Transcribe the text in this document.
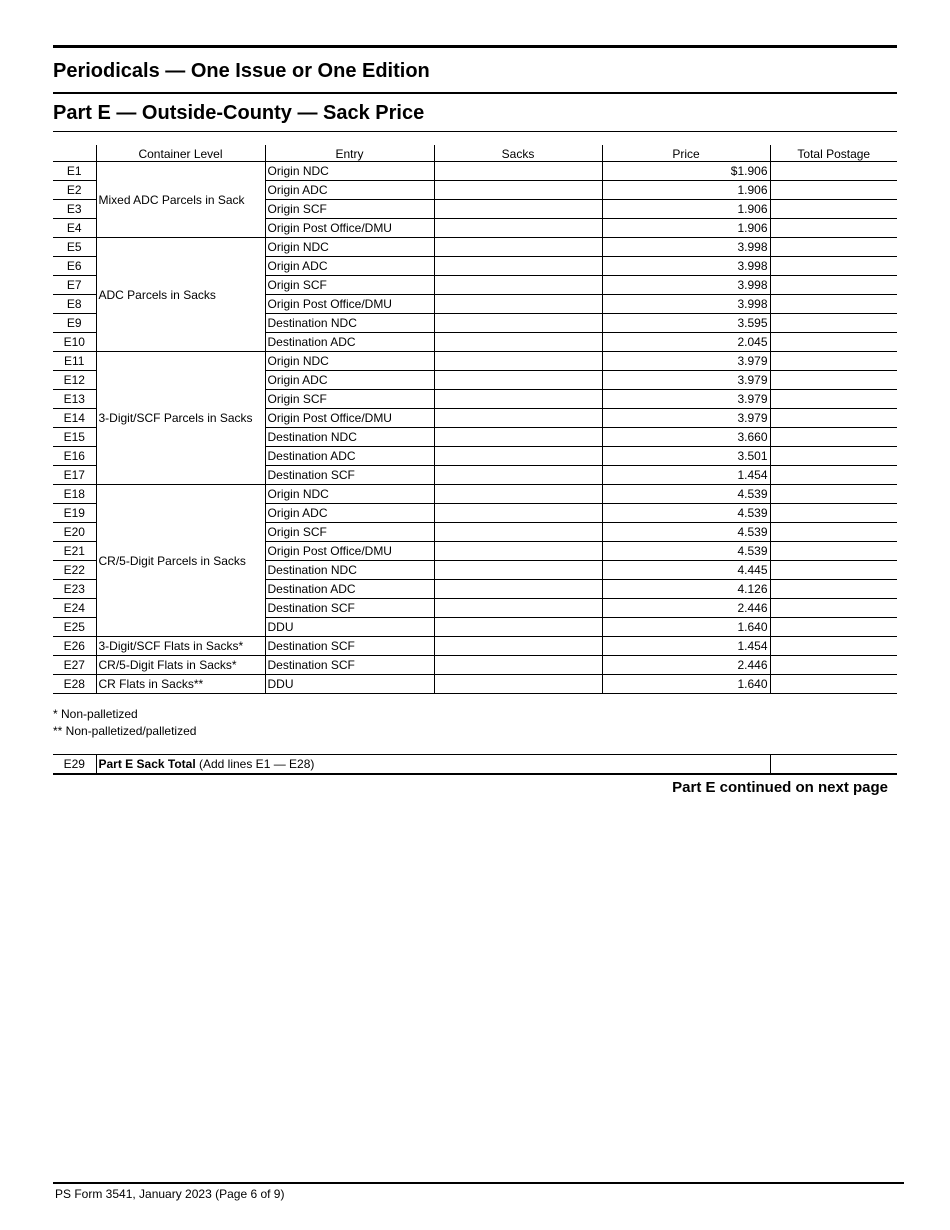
Periodicals — One Issue or One Edition
Part E — Outside-County — Sack Price
	Container Level	Entry	Sacks	Price	Total Postage
E1	Mixed ADC Parcels in Sack	Origin NDC		$1.906	
E2		Origin ADC		1.906	
E3		Origin SCF		1.906	
E4		Origin Post Office/DMU		1.906	
E5	ADC Parcels in Sacks	Origin NDC		3.998	
E6		Origin ADC		3.998	
E7		Origin SCF		3.998	
E8		Origin Post Office/DMU		3.998	
E9		Destination NDC		3.595	
E10		Destination ADC		2.045	
E11	3-Digit/SCF Parcels in Sacks	Origin NDC		3.979	
E12		Origin ADC		3.979	
E13		Origin SCF		3.979	
E14		Origin Post Office/DMU		3.979	
E15		Destination NDC		3.660	
E16		Destination ADC		3.501	
E17		Destination SCF		1.454	
E18	CR/5-Digit Parcels in Sacks	Origin NDC		4.539	
E19		Origin ADC		4.539	
E20		Origin SCF		4.539	
E21		Origin Post Office/DMU		4.539	
E22		Destination NDC		4.445	
E23		Destination ADC		4.126	
E24		Destination SCF		2.446	
E25		DDU		1.640	
E26	3-Digit/SCF Flats in Sacks*	Destination SCF		1.454	
E27	CR/5-Digit Flats in Sacks*	Destination SCF		2.446	
E28	CR Flats in Sacks**	DDU		1.640	
* Non-palletized
** Non-palletized/palletized
E29	Part E Sack Total (Add lines E1 — E28)	
Part E continued on next page
PS Form 3541, January 2023 (Page 6 of 9)
